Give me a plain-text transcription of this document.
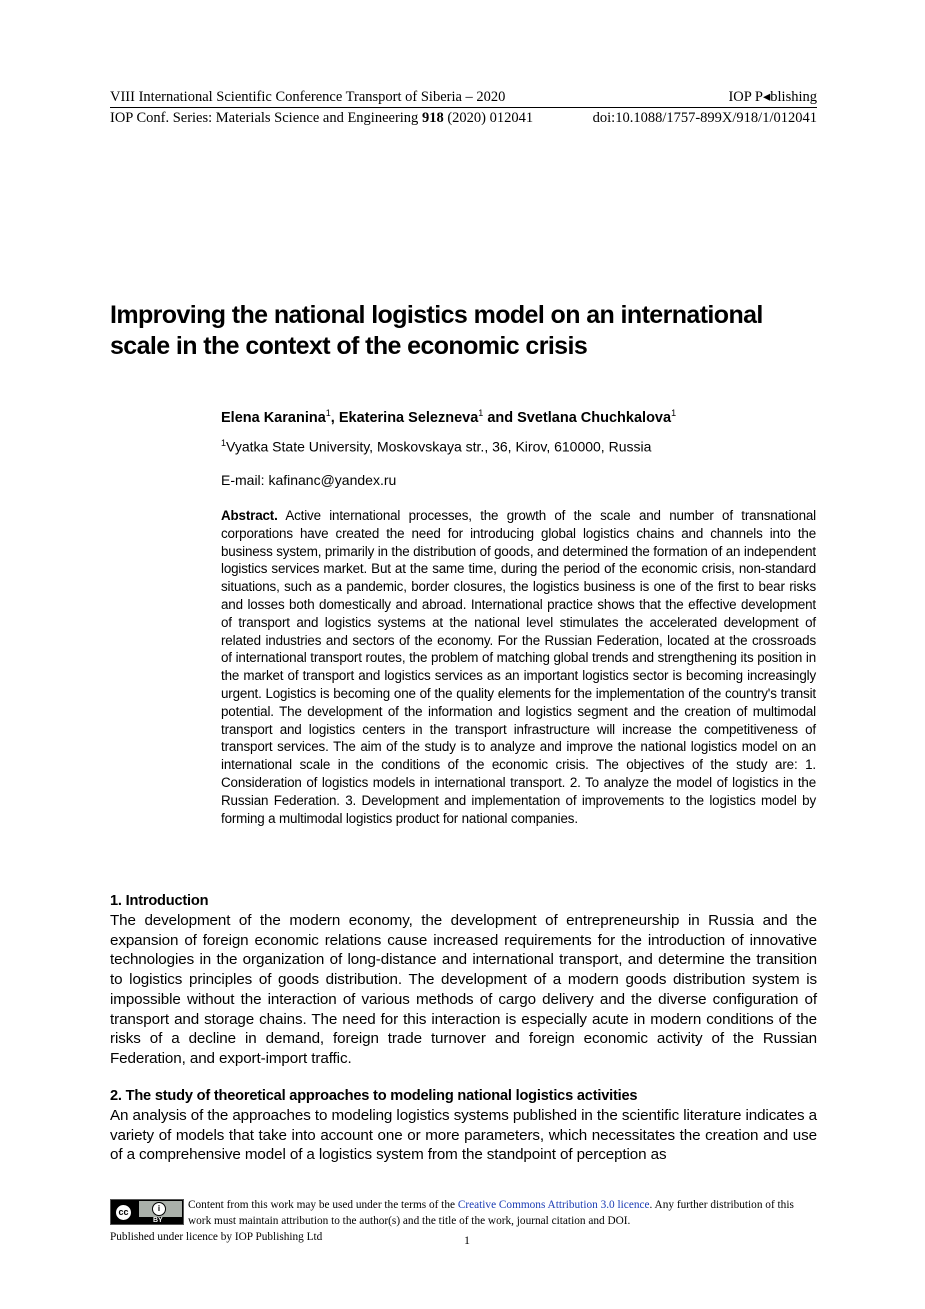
VIII International Scientific Conference Transport of Siberia – 2020	IOP P◂blishing
IOP Conf. Series: Materials Science and Engineering 918 (2020) 012041	doi:10.1088/1757-899X/918/1/012041
Improving the national logistics model on an international
scale in the context of the economic crisis
Elena Karanina$^1$, Ekaterina Selezneva$^1$ and Svetlana Chuchkalova$^1$
$^1$Vyatka State University, Moskovskaya str., 36, Kirov, 610000, Russia
E-mail: kafinanc@yandex.ru

Abstract. Active international processes, the growth of the scale and number of transnational corporations have created the need for introducing global logistics chains and channels into the business system, primarily in the distribution of goods, and determined the formation of an independent logistics services market. But at the same time, during the period of the economic crisis, non-standard situations, such as a pandemic, border closures, the logistics business is one of the first to bear risks and losses both domestically and abroad. International practice shows that the effective development of transport and logistics systems at the national level stimulates the accelerated development of related industries and sectors of the economy. For the Russian Federation, located at the crossroads of international transport routes, the problem of matching global trends and strengthening its position in the market of transport and logistics services as an important logistics sector is becoming increasingly urgent. Logistics is becoming one of the quality elements for the implementation of the country's transit potential. The development of the information and logistics segment and the creation of multimodal transport and logistics centers in the transport infrastructure will increase the competitiveness of transport services. The aim of the study is to analyze and improve the national logistics model on an international scale in the conditions of the economic crisis. The objectives of the study are: 1. Consideration of logistics models in international transport. 2. To analyze the model of logistics in the Russian Federation. 3. Development and implementation of improvements to the logistics model by forming a multimodal logistics product for national companies.

1. Introduction

The development of the modern economy, the development of entrepreneurship in Russia and the expansion of foreign economic relations cause increased requirements for the introduction of innovative technologies in the organization of long-distance and international transport, and determine the transition to logistics principles of goods distribution. The development of a modern goods distribution system is impossible without the interaction of various methods of cargo delivery and the diverse configuration of transport and storage chains. The need for this interaction is especially acute in modern conditions of the risks of a decline in demand, foreign trade turnover and foreign economic activity of the Russian Federation, and export-import traffic.

2. The study of theoretical approaches to modeling national logistics activities

An analysis of the approaches to modeling logistics systems published in the scientific literature indicates a variety of models that take into account one or more parameters, which necessitates the creation and use of a comprehensive model of a logistics system from the standpoint of perception as

cc	i
BY

Content from this work may be used under the terms of the Creative Commons Attribution 3.0 licence. Any further distribution of this work must maintain attribution to the author(s) and the title of the work, journal citation and DOI.

Published under licence by IOP Publishing Ltd	1
